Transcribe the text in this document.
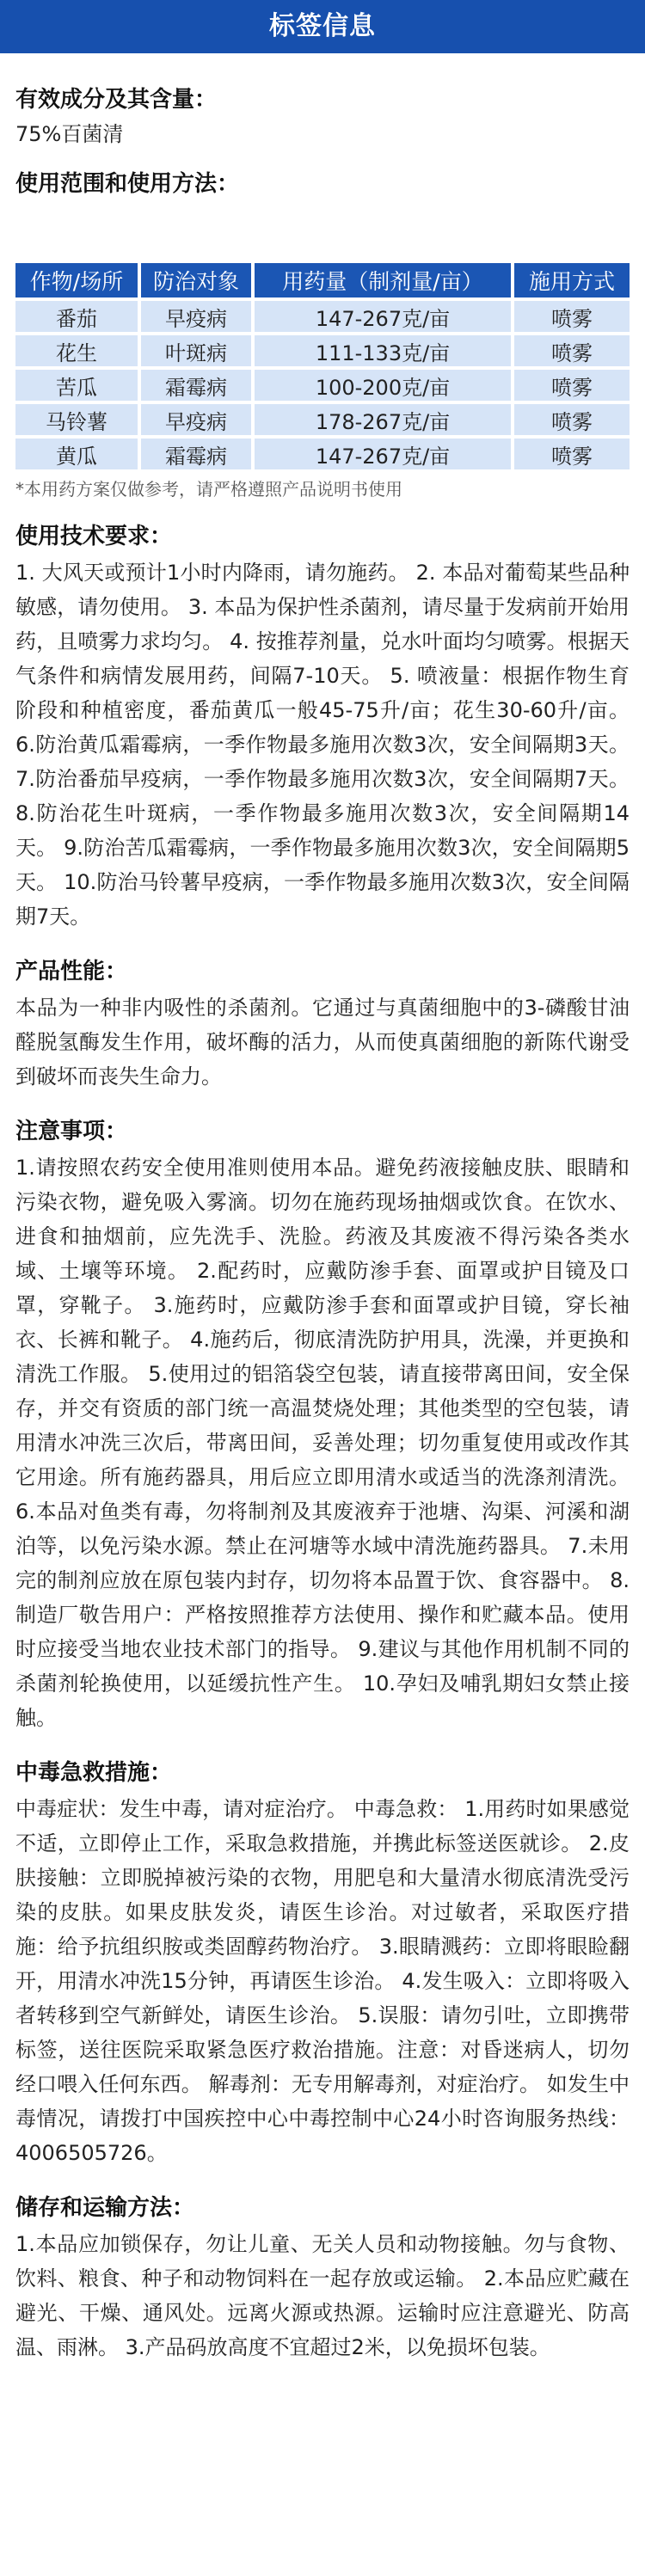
标签信息

有效成分及其含量：

75%百菌清

使用范围和使用方法：

作物/场所	防治对象	用药量（制剂量/亩）	施用方式
番茄	早疫病	147-267克/亩	喷雾
花生	叶斑病	111-133克/亩	喷雾
苦瓜	霜霉病	100-200克/亩	喷雾
马铃薯	早疫病	178-267克/亩	喷雾
黄瓜	霜霉病	147-267克/亩	喷雾
*本用药方案仅做参考，请严格遵照产品说明书使用

使用技术要求：

1. 大风天或预计1小时内降雨，请勿施药。 2. 本品对葡萄某些品种敏感，请勿使用。 3. 本品为保护性杀菌剂，请尽量于发病前开始用药，且喷雾力求均匀。 4. 按推荐剂量，兑水叶面均匀喷雾。根据天气条件和病情发展用药，间隔7-10天。 5. 喷液量：根据作物生育阶段和种植密度，番茄黄瓜一般45-75升/亩；花生30-60升/亩。 6.防治黄瓜霜霉病，一季作物最多施用次数3次，安全间隔期3天。 7.防治番茄早疫病，一季作物最多施用次数3次，安全间隔期7天。 8.防治花生叶斑病，一季作物最多施用次数3次，安全间隔期14天。 9.防治苦瓜霜霉病，一季作物最多施用次数3次，安全间隔期5天。 10.防治马铃薯早疫病，一季作物最多施用次数3次，安全间隔期7天。

产品性能：

本品为一种非内吸性的杀菌剂。它通过与真菌细胞中的3-磷酸甘油醛脱氢酶发生作用，破坏酶的活力，从而使真菌细胞的新陈代谢受到破坏而丧失生命力。

注意事项：

1.请按照农药安全使用准则使用本品。避免药液接触皮肤、眼睛和污染衣物，避免吸入雾滴。切勿在施药现场抽烟或饮食。在饮水、进食和抽烟前，应先洗手、洗脸。药液及其废液不得污染各类水域、土壤等环境。 2.配药时，应戴防渗手套、面罩或护目镜及口罩，穿靴子。 3.施药时，应戴防渗手套和面罩或护目镜，穿长袖衣、长裤和靴子。 4.施药后，彻底清洗防护用具，洗澡，并更换和清洗工作服。 5.使用过的铝箔袋空包装，请直接带离田间，安全保存，并交有资质的部门统一高温焚烧处理；其他类型的空包装，请用清水冲洗三次后，带离田间，妥善处理；切勿重复使用或改作其它用途。所有施药器具，用后应立即用清水或适当的洗涤剂清洗。 6.本品对鱼类有毒，勿将制剂及其废液弃于池塘、沟渠、河溪和湖泊等，以免污染水源。禁止在河塘等水域中清洗施药器具。 7.未用完的制剂应放在原包装内封存，切勿将本品置于饮、食容器中。 8.制造厂敬告用户：严格按照推荐方法使用、操作和贮藏本品。使用时应接受当地农业技术部门的指导。 9.建议与其他作用机制不同的杀菌剂轮换使用，以延缓抗性产生。 10.孕妇及哺乳期妇女禁止接触。

中毒急救措施：

中毒症状：发生中毒，请对症治疗。 中毒急救： 1.用药时如果感觉不适，立即停止工作，采取急救措施，并携此标签送医就诊。 2.皮肤接触：立即脱掉被污染的衣物，用肥皂和大量清水彻底清洗受污染的皮肤。如果皮肤发炎，请医生诊治。对过敏者，采取医疗措施：给予抗组织胺或类固醇药物治疗。 3.眼睛溅药：立即将眼睑翻开，用清水冲洗15分钟，再请医生诊治。 4.发生吸入：立即将吸入者转移到空气新鲜处，请医生诊治。 5.误服：请勿引吐，立即携带标签，送往医院采取紧急医疗救治措施。注意：对昏迷病人，切勿经口喂入任何东西。 解毒剂：无专用解毒剂，对症治疗。 如发生中毒情况，请拨打中国疾控中心中毒控制中心24小时咨询服务热线：4006505726。

储存和运输方法：

1.本品应加锁保存，勿让儿童、无关人员和动物接触。勿与食物、饮料、粮食、种子和动物饲料在一起存放或运输。 2.本品应贮藏在避光、干燥、通风处。远离火源或热源。运输时应注意避光、防高温、雨淋。 3.产品码放高度不宜超过2米，以免损坏包装。
